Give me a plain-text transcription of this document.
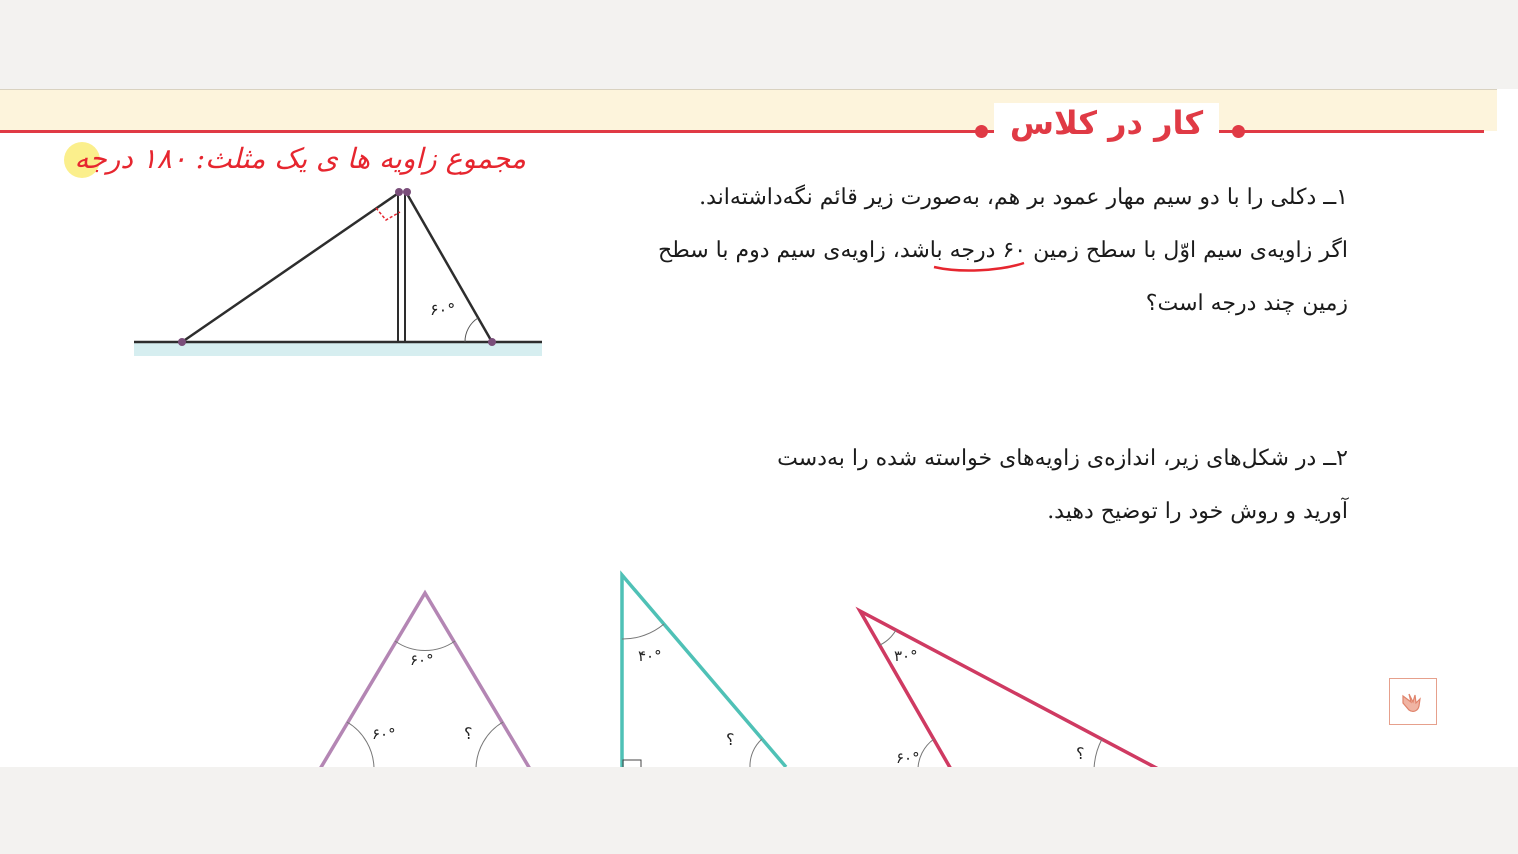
کار در کلاس
مجموع زاویه ها ی یک مثلث: ۱۸۰ درجه
۱ــ دکلی را با دو سیم مهار عمود بر هم، به‌صورت زیر قائم نگه‌داشته‌اند.
اگر زاویه‌ی سیم اوّل با سطح زمین ۶۰ درجه باشد، زاویه‌ی سیم دوم با سطح
زمین چند درجه است؟
۲ــ در شکل‌های زیر، اندازه‌ی زاویه‌های خواسته شده را به‌دست
آورید و روش خود را توضیح دهید.
۶۰°
۶۰°
۶۰°	؟
۴۰°
؟
۳۰°
۶۰°	؟
